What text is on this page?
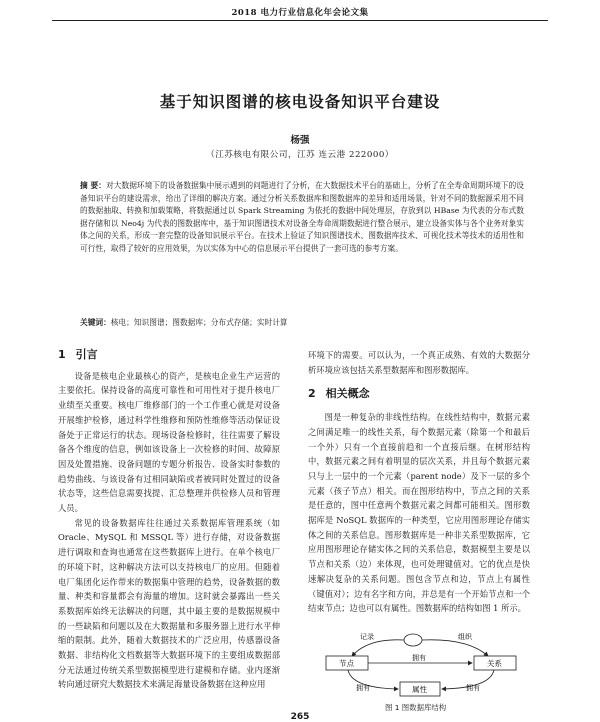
2018 电力行业信息化年会论文集
基于知识图谱的核电设备知识平台建设
杨强
（江苏核电有限公司，江苏 连云港 222000）

摘 要：对大数据环境下的设备数据集中展示遇到的问题进行了分析，在大数据技术平台的基础上，分析了在全寿命周期环境下的设备知识平台的建设需求，给出了详细的解决方案。通过分析关系数据库和图数据库的差异和适用场景，针对不同的数据源采用不同的数据抽取、转换和加载策略，将数据通过以 Spark Streaming 为依托的数据中间处理层，存放到以 HBase 为代表的分布式数据存储和以 Neo4j 为代表的图数据库中，基于知识图谱技术对设备全寿命周期数据进行整合展示，建立设备实体与各个业务对象实体之间的关系，形成一套完整的设备知识展示平台。在技术上验证了知识图谱技术、图数据库技术、可视化技术等技术的适用性和可行性，取得了较好的应用效果，为以实体为中心的信息展示平台提供了一套可选的参考方案。

关键词：核电；知识图谱；图数据库；分布式存储；实时计算

1 引言

设备是核电企业最核心的资产，是核电企业生产运营的主要依托。保持设备的高度可靠性和可用性对于提升核电厂业绩至关重要。核电厂维修部门的一个工作重心就是对设备开展维护检修，通过科学性维修和预防性维修等活动保证设备处于正常运行的状态。现场设备检修时，往往需要了解设备各个维度的信息，例如该设备上一次检修的时间、故障原因及处置措施、设备问题的专题分析报告、设备实时参数的趋势曲线、与该设备有过相同缺陷或者被同时处置过的设备状态等，这些信息需要找提、汇总整理并供检修人员和管理人员。

常见的设备数据库往往通过关系数据库管理系统（如 Oracle、MySQL 和 MSSQL 等）进行存储，对设备数据进行调取和查询也通常在这些数据库上进行。在单个核电厂的环境下时，这种解决方法可以支持核电厂的应用。但随着电厂集团化运作带来的数据集中管理的趋势，设备数据的数量、种类和容量都会有海量的增加。这时就会暴露出一些关系数据库始终无法解决的问题，其中最主要的是数据规模中的一些缺陷和问题以及在大数据量和多服务器上进行水平伸缩的限制。此外，随着大数据技术的广泛应用，传感器设备数据、非结构化文档数据等大数据环境下的主要组成数据部分无法通过传统关系型数据模型进行建模和存储。业内逐渐转向通过研究大数据技术来满足海量设备数据在这种应用

环境下的需要。可以认为，一个真正成熟、有效的大数据分析环境应该包括关系型数据库和图形数据库。

2 相关概念

图是一种复杂的非线性结构。在线性结构中，数据元素之间满足唯一的线性关系，每个数据元素（除第一个和最后一个外）只有一个直接前趋和一个直接后继。在树形结构中，数据元素之间有着明显的层次关系，并且每个数据元素只与上一层中的一个元素（parent node）及下一层的多个元素（孩子节点）相关。而在图形结构中，节点之间的关系是任意的，图中任意两个数据元素之间都可能相关。图形数据库是 NoSQL 数据库的一种类型，它应用图形理论存储实体之间的关系信息。图形数据库是一种非关系型数据库，它应用图形理论存储实体之间的关系信息，数据模型主要是以节点和关系（边）来体现，也可处理键值对。它的优点是快速解决复杂的关系问题。图包含节点和边，节点上有属性（键值对）；边有名字和方向，并总是有一个开始节点和一个结束节点；边也可以有属性。图数据库的结构如图 1 所示。

记录	组织
节点	关系
拥有
属性
拥有	拥有
图 1 图数据库结构
265
